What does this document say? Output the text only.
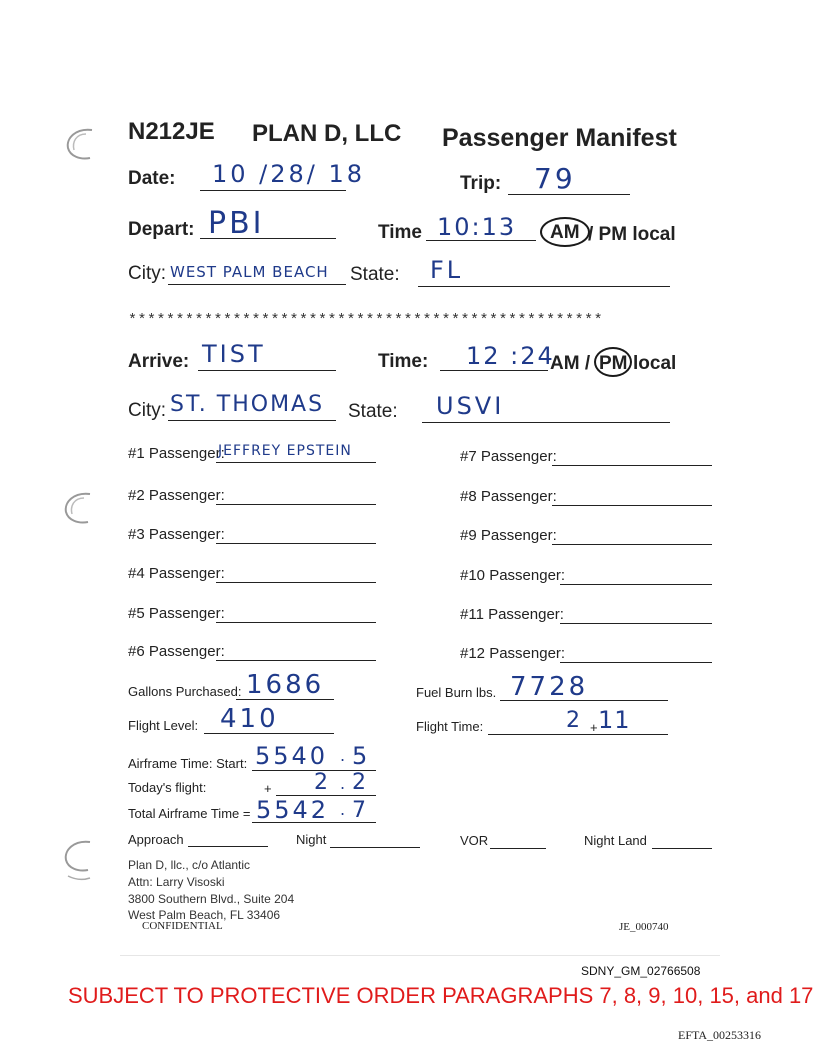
N212JE PLAN D, LLC Passenger Manifest
Date: 10 /28/ 18	Trip: 79
Depart: PBI	Time 10:13 AM / PM local
City: WEST PALM BEACH State: FL
**************************************************
Arrive: TIST	Time: 12 :24
AM / PM local
City: ST. THOMAS State: USVI
#1 Passenger:
JEFFREY EPSTEIN
#2 Passenger:
#3 Passenger:
#4 Passenger:
#5 Passenger:
#6 Passenger:
#7 Passenger:
#8 Passenger:
#9 Passenger:
#10 Passenger:
#11 Passenger:
#12 Passenger:
Gallons Purchased: 1686	Fuel Burn lbs. 7728
Flight Level: 410	Flight Time:	2 + 11
Airframe Time: Start: 5540 . 5
Today's flight:	+ 2 . 2
Total Airframe Time = 5542 . 7
Approach	Night	VOR	Night Land
Plan D, llc., c/o Atlantic
Attn: Larry Visoski
3800 Southern Blvd., Suite 204
West Palm Beach, FL 33406
CONFIDENTIAL	JE_000740
SDNY_GM_02766508
SUBJECT TO PROTECTIVE ORDER PARAGRAPHS 7, 8, 9, 10, 15, and 17
EFTA_00253316
